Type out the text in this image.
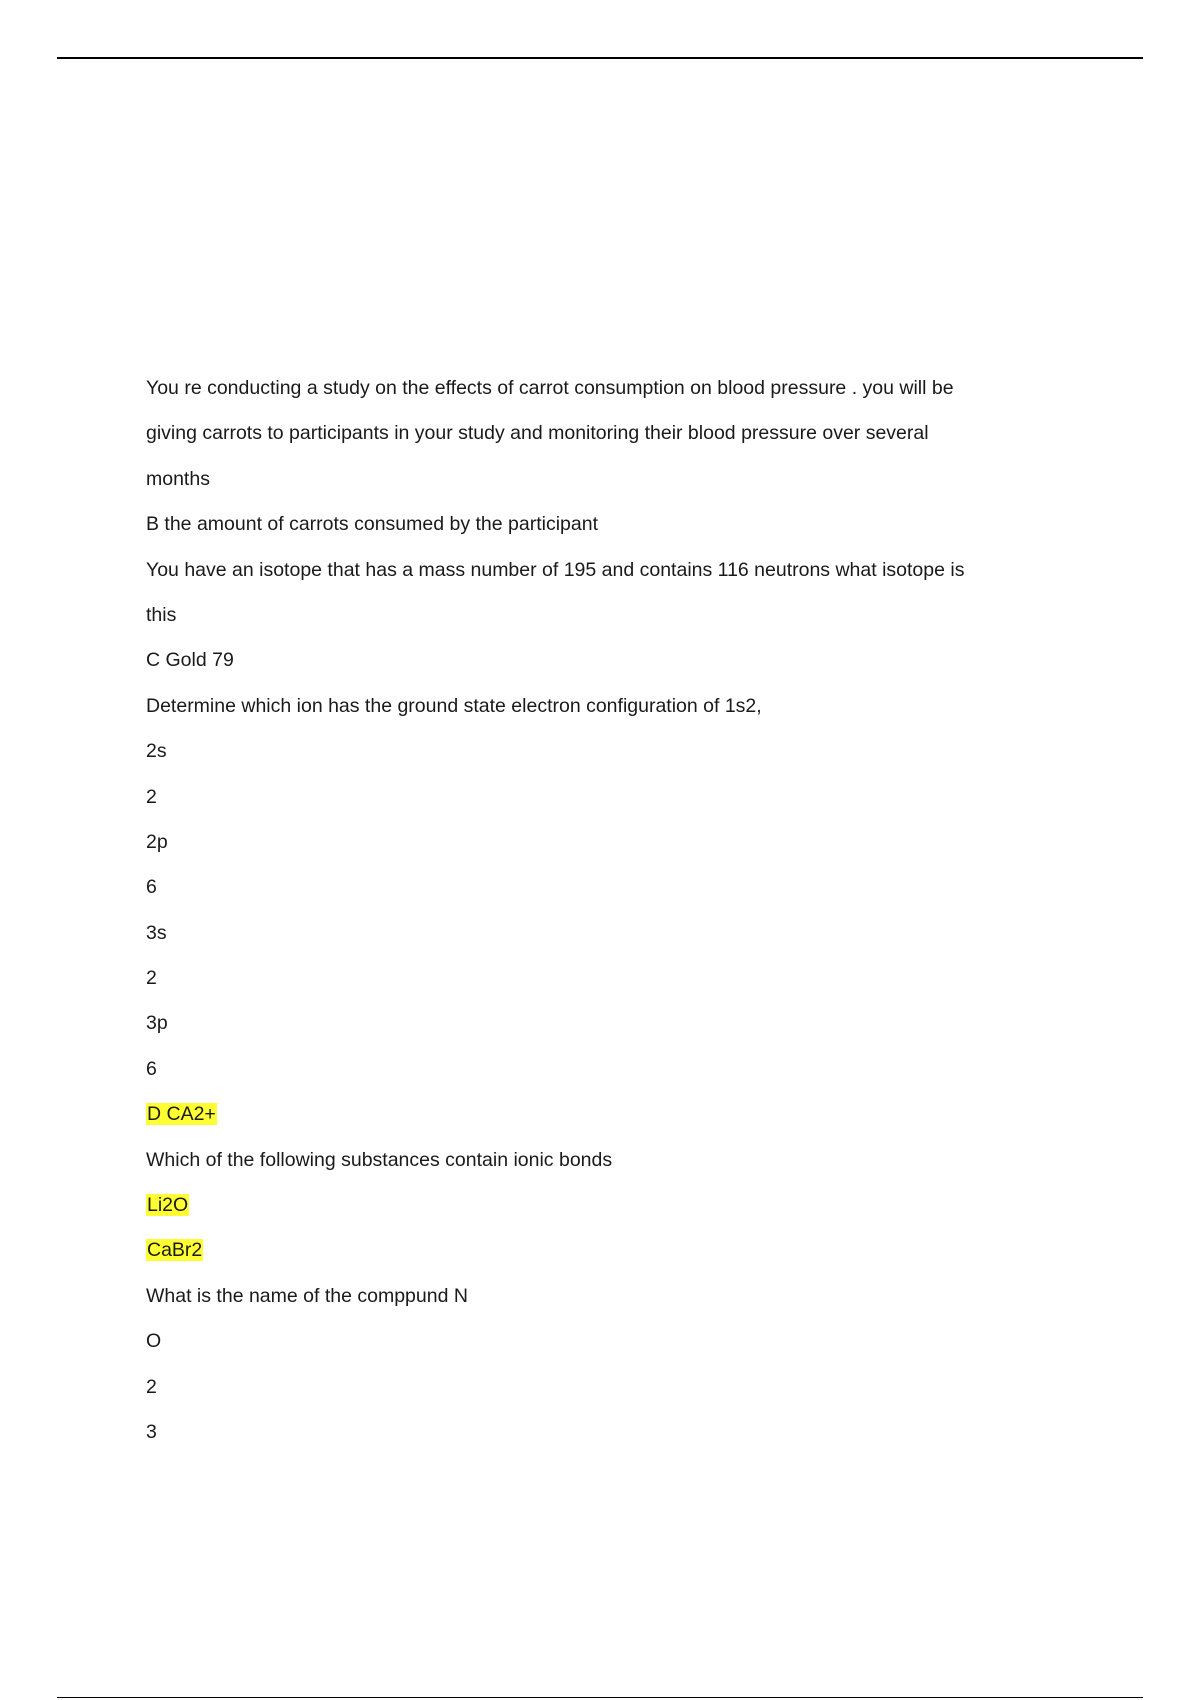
You re conducting a study on the effects of carrot consumption on blood pressure . you will be
giving carrots to participants in your study and monitoring their blood pressure over several
months
B the amount of carrots consumed by the participant
You have an isotope that has a mass number of 195 and contains 116 neutrons what isotope is
this
C Gold 79
Determine which ion has the ground state electron configuration of 1s2,
2s
2
2p
6
3s
2
3p
6
D CA2+
Which of the following substances contain ionic bonds
Li2O
CaBr2
What is the name of the comppund N
O
2
3
